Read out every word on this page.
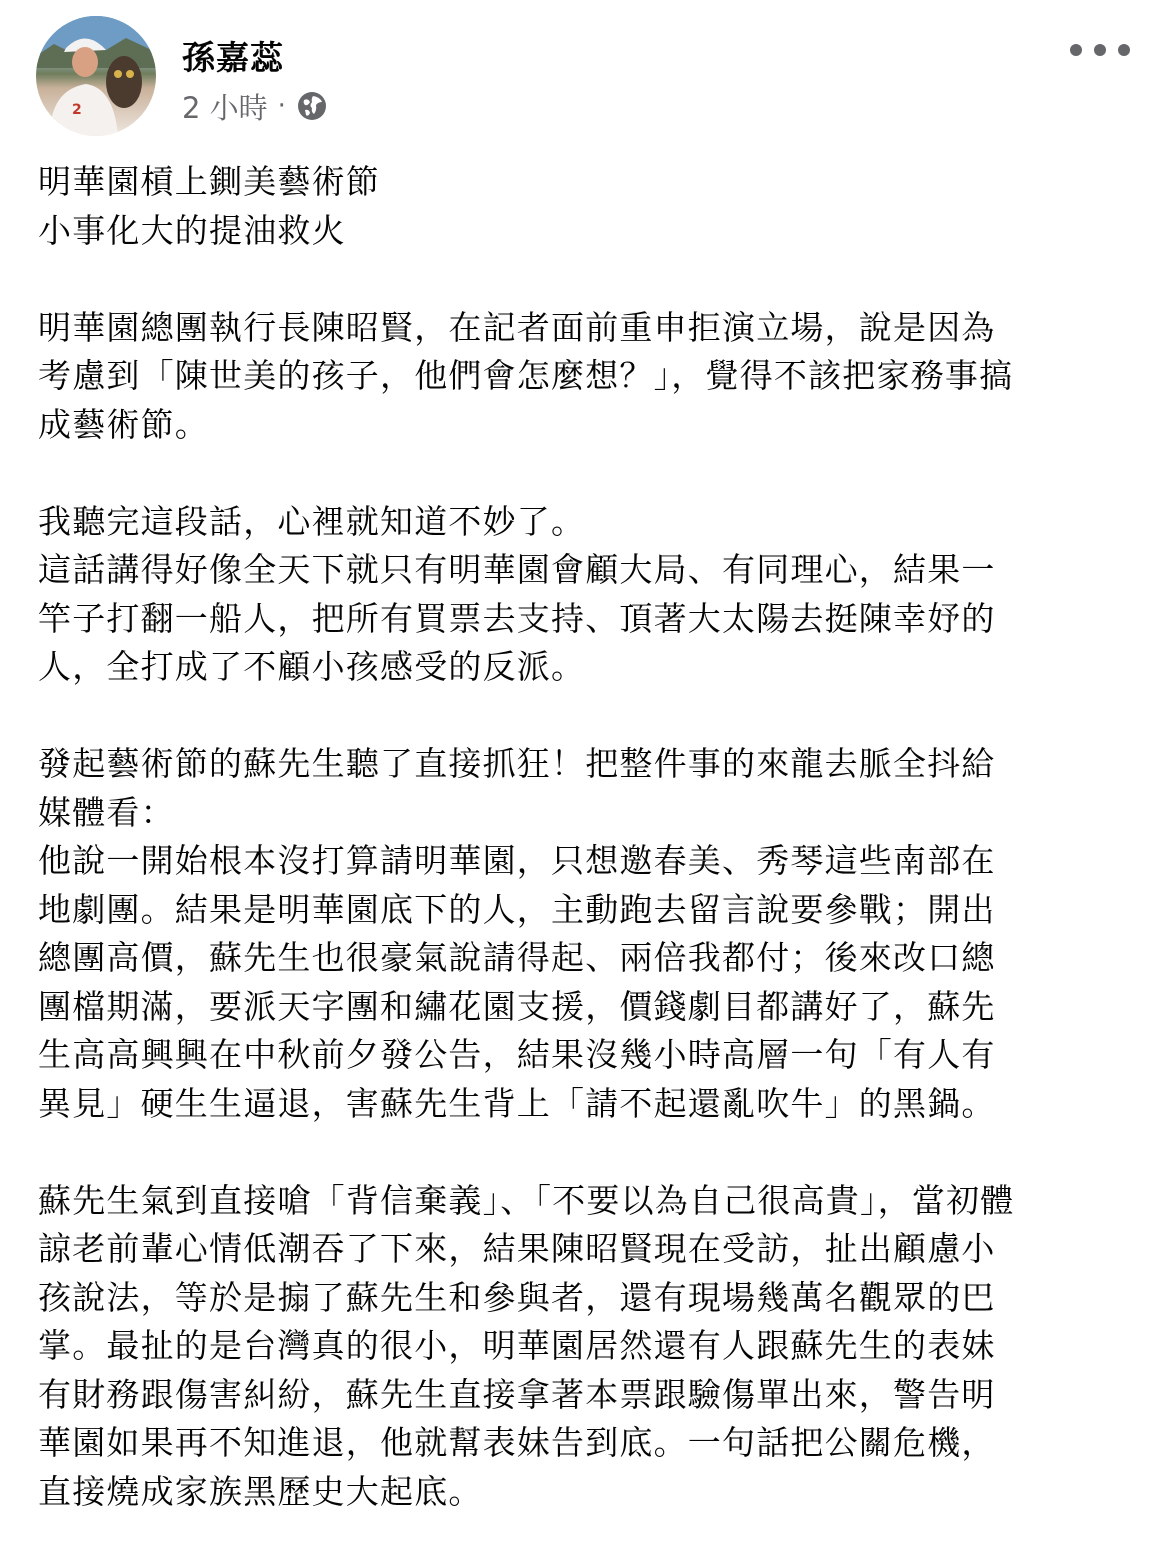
2
孫嘉蕊
2 小時 ·

明華園槓上鍘美藝術節
小事化大的提油救火

明華園總團執行長陳昭賢，在記者面前重申拒演立場，說是因為
考慮到「陳世美的孩子，他們會怎麼想？」，覺得不該把家務事搞
成藝術節。

我聽完這段話，心裡就知道不妙了。
這話講得好像全天下就只有明華園會顧大局、有同理心，結果一
竿子打翻一船人，把所有買票去支持、頂著大太陽去挺陳幸妤的
人，全打成了不顧小孩感受的反派。

發起藝術節的蘇先生聽了直接抓狂！把整件事的來龍去脈全抖給
媒體看：
他說一開始根本沒打算請明華園，只想邀春美、秀琴這些南部在
地劇團。結果是明華園底下的人，主動跑去留言說要參戰；開出
總團高價，蘇先生也很豪氣說請得起、兩倍我都付；後來改口總
團檔期滿，要派天字團和繡花園支援，價錢劇目都講好了，蘇先
生高高興興在中秋前夕發公告，結果沒幾小時高層一句「有人有
異見」硬生生逼退，害蘇先生背上「請不起還亂吹牛」的黑鍋。

蘇先生氣到直接嗆「背信棄義」、「不要以為自己很高貴」，當初體
諒老前輩心情低潮吞了下來，結果陳昭賢現在受訪，扯出顧慮小
孩說法，等於是搧了蘇先生和參與者，還有現場幾萬名觀眾的巴
掌。最扯的是台灣真的很小，明華園居然還有人跟蘇先生的表妹
有財務跟傷害糾紛，蘇先生直接拿著本票跟驗傷單出來，警告明
華園如果再不知進退，他就幫表妹告到底。一句話把公關危機，
直接燒成家族黑歷史大起底。
